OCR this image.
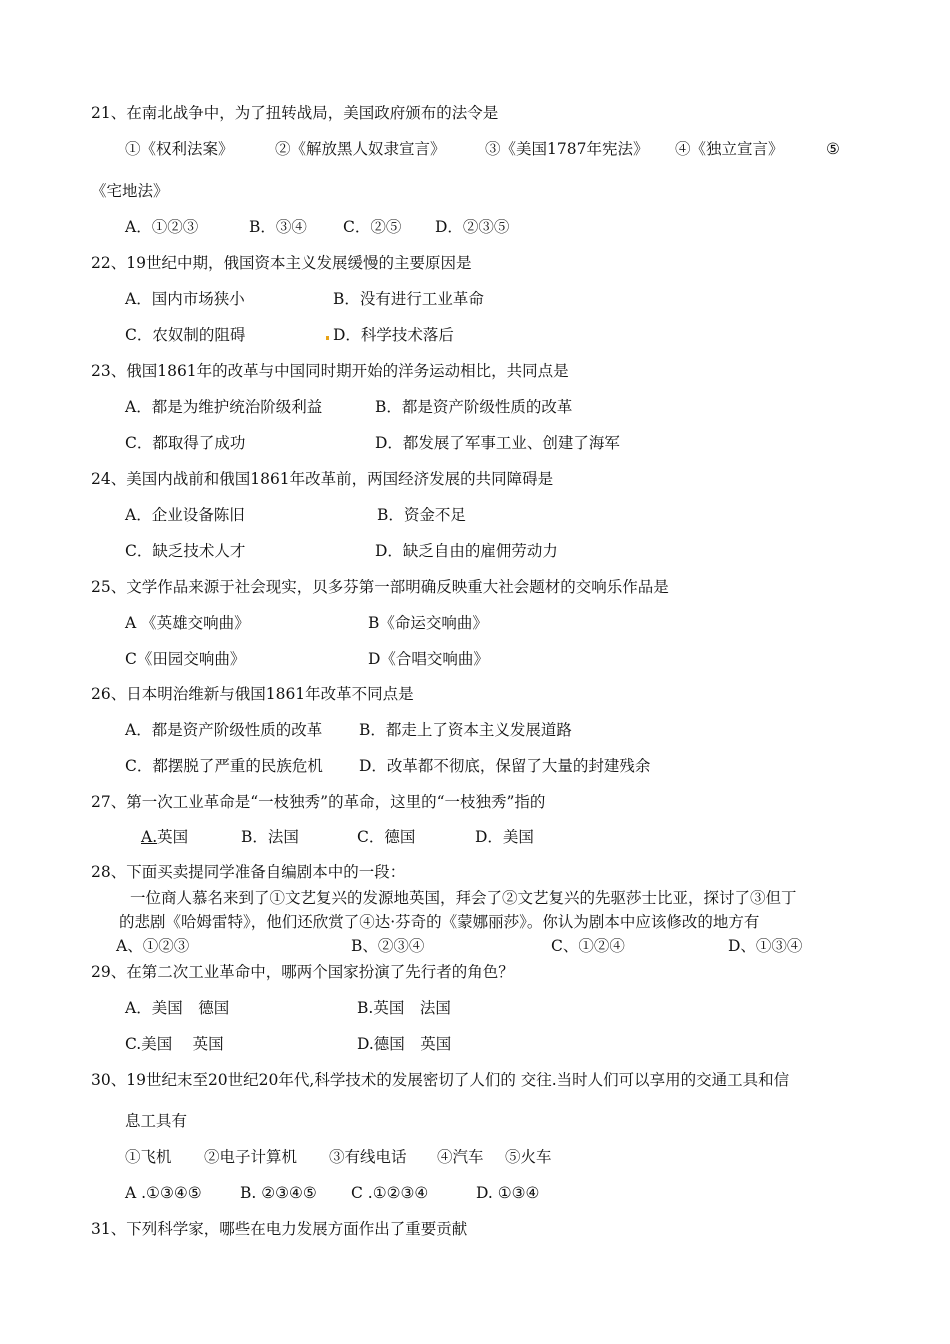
21、在南北战争中，为了扭转战局，美国政府颁布的法令是
①《权利法案》	②《解放黑人奴隶宣言》	③《美国1787年宪法》 ④《独立宣言》	⑤
《宅地法》
A．①②③	B．③④ C．②⑤ D．②③⑤
22、19世纪中期，俄国资本主义发展缓慢的主要原因是
A．国内市场狭小	B．没有进行工业革命
C．农奴制的阻碍	D．科学技术落后
23、俄国1861年的改革与中国同时期开始的洋务运动相比，共同点是
A．都是为维护统治阶级利益	B．都是资产阶级性质的改革
C．都取得了成功	D．都发展了军事工业、创建了海军
24、美国内战前和俄国1861年改革前，两国经济发展的共同障碍是
A．企业设备陈旧	B．资金不足
C．缺乏技术人才	D．缺乏自由的雇佣劳动力
25、文学作品来源于社会现实，贝多芬第一部明确反映重大社会题材的交响乐作品是
A 《英雄交响曲》	B《命运交响曲》
C《田园交响曲》	D《合唱交响曲》
26、日本明治维新与俄国1861年改革不同点是
A．都是资产阶级性质的改革 B．都走上了资本主义发展道路
C．都摆脱了严重的民族危机 D．改革都不彻底，保留了大量的封建残余
27、第一次工业革命是“一枝独秀”的革命，这里的“一枝独秀”指的
A.英国	B．法国	C．德国	D．美国
28、下面买卖提同学准备自编剧本中的一段：
一位商人慕名来到了①文艺复兴的发源地英国，拜会了②文艺复兴的先驱莎士比亚，探讨了③但丁
的悲剧《哈姆雷特》，他们还欣赏了④达·芬奇的《蒙娜丽莎》。你认为剧本中应该修改的地方有
A、①②③	B、②③④	C、①②④	D、①③④
29、在第二次工业革命中，哪两个国家扮演了先行者的角色？
A．美国　德国	B.英国　法国
C.美国　 英国	D.德国　英国
30、19世纪末至20世纪20年代,科学技术的发展密切了人们的 交往.当时人们可以享用的交通工具和信
息工具有
①飞机 ②电子计算机 ③有线电话 ④汽车 ⑤火车
A .①③④⑤ B. ②③④⑤ C .①②③④	D. ①③④
31、下列科学家，哪些在电力发展方面作出了重要贡献
